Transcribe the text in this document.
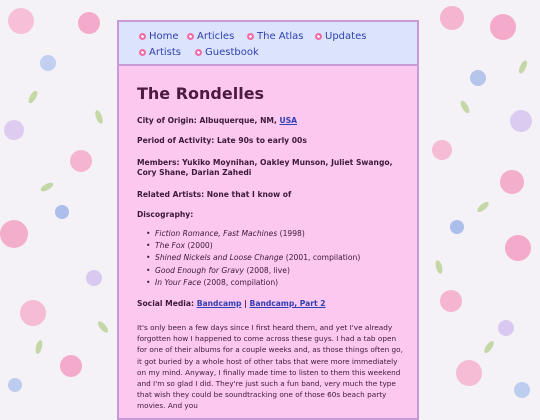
Home	Articles	The Atlas	Updates
Artists	Guestbook
The Rondelles
City of Origin: Albuquerque, NM, USA
Period of Activity: Late 90s to early 00s
Members: Yukiko Moynihan, Oakley Munson, Juliet Swango, Cory Shane, Darian Zahedi
Related Artists: None that I know of
Discography:
• Fiction Romance, Fast Machines (1998)
• The Fox (2000)
• Shined Nickels and Loose Change (2001, compilation)
• Good Enough for Gravy (2008, live)
• In Your Face (2008, compilation)
Social Media: Bandcamp | Bandcamp, Part 2

It's only been a few days since I first heard them, and yet I've already forgotten how I happened to come across these guys. I had a tab open for one of their albums for a couple weeks and, as those things often go, it got buried by a whole host of other tabs that were more immediately on my mind. Anyway, I finally made time to listen to them this weekend and I'm so glad I did. They're just such a fun band, very much the type that wish they could be soundtracking one of those 60s beach party movies. And you
